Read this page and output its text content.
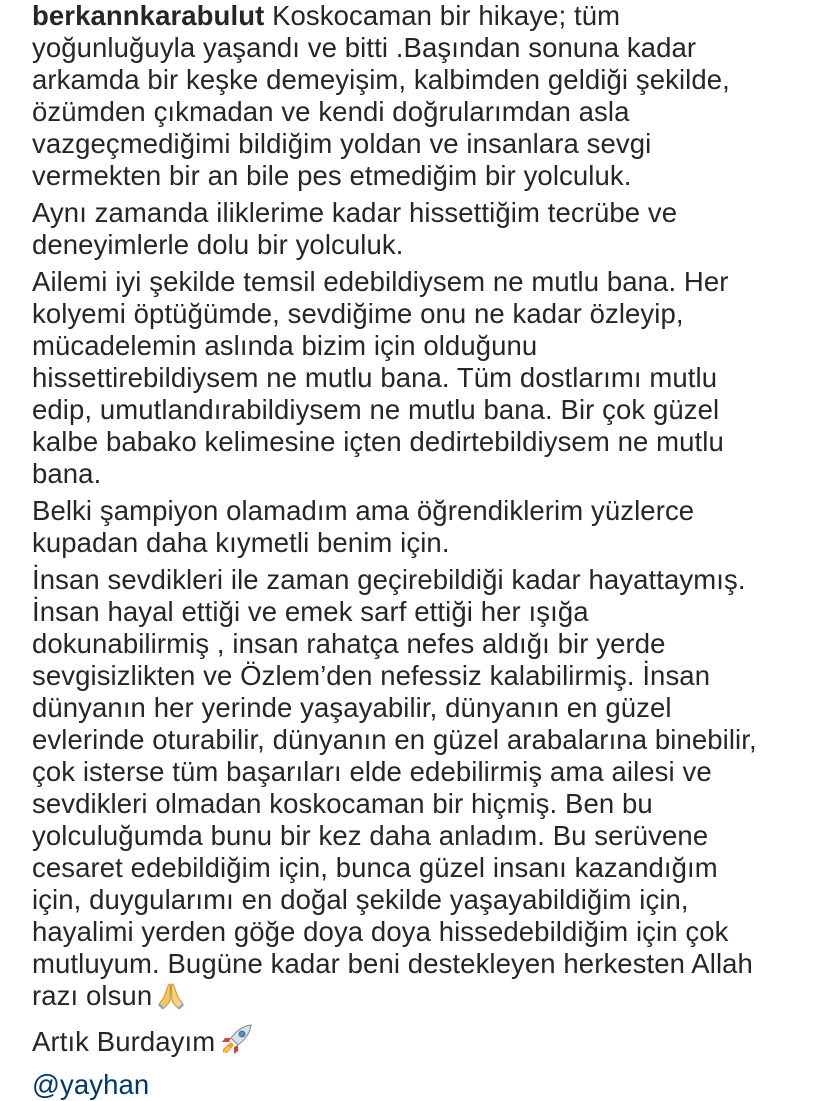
berkannkarabulut Koskocaman bir hikaye; tüm
yoğunluğuyla yaşandı ve bitti .Başından sonuna kadar
arkamda bir keşke demeyişim, kalbimden geldiği şekilde,
özümden çıkmadan ve kendi doğrularımdan asla
vazgeçmediğimi bildiğim yoldan ve insanlara sevgi
vermekten bir an bile pes etmediğim bir yolculuk.

Aynı zamanda iliklerime kadar hissettiğim tecrübe ve
deneyimlerle dolu bir yolculuk.

Ailemi iyi şekilde temsil edebildiysem ne mutlu bana. Her
kolyemi öptüğümde, sevdiğime onu ne kadar özleyip,
mücadelemin aslında bizim için olduğunu
hissettirebildiysem ne mutlu bana. Tüm dostlarımı mutlu
edip, umutlandırabildiysem ne mutlu bana. Bir çok güzel
kalbe babako kelimesine içten dedirtebildiysem ne mutlu
bana.

Belki şampiyon olamadım ama öğrendiklerim yüzlerce
kupadan daha kıymetli benim için.

İnsan sevdikleri ile zaman geçirebildiği kadar hayattaymış.
İnsan hayal ettiği ve emek sarf ettiği her ışığa
dokunabilirmiş , insan rahatça nefes aldığı bir yerde
sevgisizlikten ve Özlem’den nefessiz kalabilirmiş. İnsan
dünyanın her yerinde yaşayabilir, dünyanın en güzel
evlerinde oturabilir, dünyanın en güzel arabalarına binebilir,
çok isterse tüm başarıları elde edebilirmiş ama ailesi ve
sevdikleri olmadan koskocaman bir hiçmiş. Ben bu
yolculuğumda bunu bir kez daha anladım. Bu serüvene
cesaret edebildiğim için, bunca güzel insanı kazandığım
için, duygularımı en doğal şekilde yaşayabildiğim için,
hayalimi yerden göğe doya doya hissedebildiğim için çok
mutluyum. Bugüne kadar beni destekleyen herkesten Allah
razı olsun

Artık Burdayım

@yayhan
